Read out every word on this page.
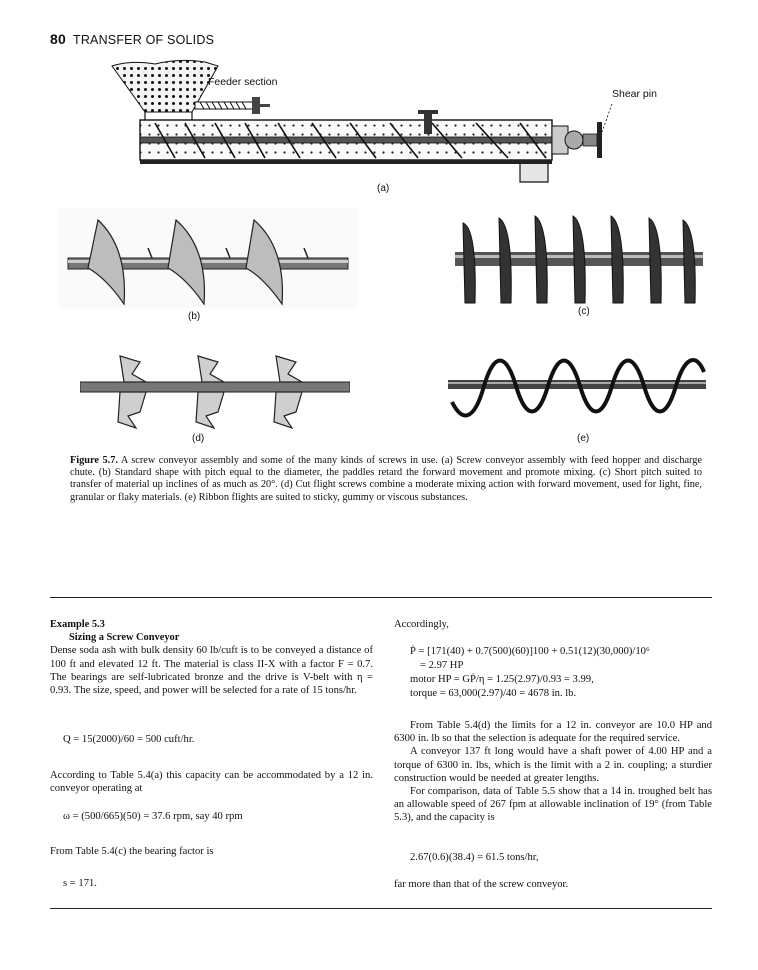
80 TRANSFER OF SOLIDS
Feeder section
Shear pin
(a)
(b)	(c)
(d)	(e)
Figure 5.7. A screw conveyor assembly and some of the many kinds of screws in use. (a) Screw conveyor assembly with feed hopper and discharge chute. (b) Standard shape with pitch equal to the diameter, the paddles retard the forward movement and promote mixing. (c) Short pitch suited to transfer of material up inclines of as much as 20°. (d) Cut flight screws combine a moderate mixing action with forward movement, used for light, fine, granular or flaky materials. (e) Ribbon flights are suited to sticky, gummy or viscous substances.
Example 5.3
Sizing a Screw Conveyor

Dense soda ash with bulk density 60 lb/cuft is to be conveyed a distance of 100 ft and elevated 12 ft. The material is class II-X with a factor F = 0.7. The bearings are self-lubricated bronze and the drive is V-belt with η = 0.93. The size, speed, and power will be selected for a rate of 15 tons/hr.

Q = 15(2000)/60 = 500 cuft/hr.

According to Table 5.4(a) this capacity can be accommodated by a 12 in. conveyor operating at

ω = (500/665)(50) = 37.6 rpm, say 40 rpm

From Table 5.4(c) the bearing factor is

s = 171.
Accordingly,
Ṗ = [171(40) + 0.7(500)(60)]100 + 0.51(12)(30,000)/10⁶
= 2.97 HP
motor HP = GṖ/η = 1.25(2.97)/0.93 = 3.99,
torque = 63,000(2.97)/40 = 4678 in. lb.

From Table 5.4(d) the limits for a 12 in. conveyor are 10.0 HP and 6300 in. lb so that the selection is adequate for the required service.

A conveyor 137 ft long would have a shaft power of 4.00 HP and a torque of 6300 in. lbs, which is the limit with a 2 in. coupling; a sturdier construction would be needed at greater lengths.

For comparison, data of Table 5.5 show that a 14 in. troughed belt has an allowable speed of 267 fpm at allowable inclination of 19° (from Table 5.3), and the capacity is

2.67(0.6)(38.4) = 61.5 tons/hr,
far more than that of the screw conveyor.
